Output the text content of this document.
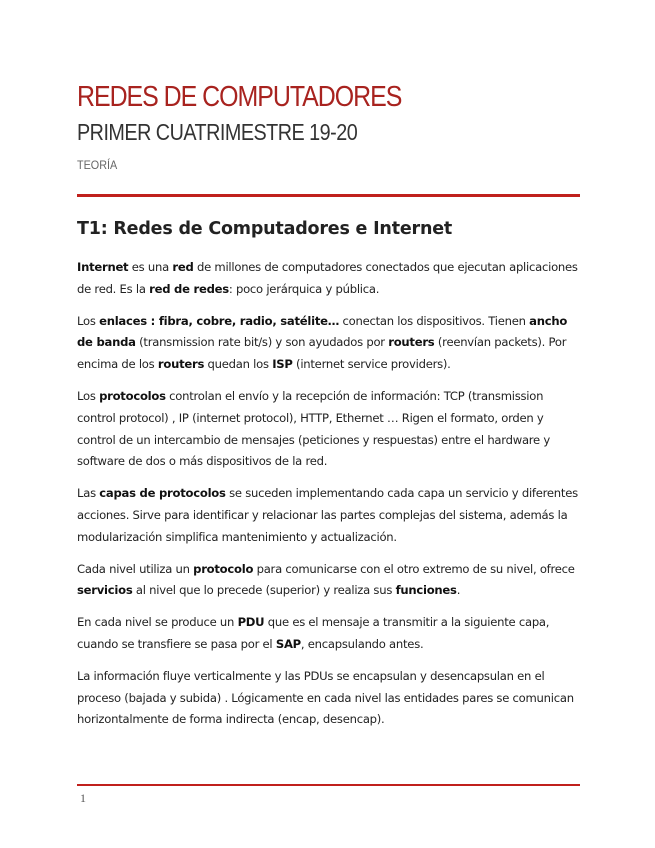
REDES DE COMPUTADORES
PRIMER CUATRIMESTRE 19-20
TEORÍA
T1: Redes de Computadores e Internet

Internet es una red de millones de computadores conectados que ejecutan aplicaciones de red. Es la red de redes: poco jerárquica y pública.

Los enlaces : fibra, cobre, radio, satélite… conectan los dispositivos. Tienen ancho de banda (transmission rate bit/s) y son ayudados por routers (reenvían packets). Por encima de los routers quedan los ISP (internet service providers).

Los protocolos controlan el envío y la recepción de información: TCP (transmission control protocol) , IP (internet protocol), HTTP, Ethernet … Rigen el formato, orden y control de un intercambio de mensajes (peticiones y respuestas) entre el hardware y software de dos o más dispositivos de la red.

Las capas de protocolos se suceden implementando cada capa un servicio y diferentes acciones. Sirve para identificar y relacionar las partes complejas del sistema, además la modularización simplifica mantenimiento y actualización.

Cada nivel utiliza un protocolo para comunicarse con el otro extremo de su nivel, ofrece servicios al nivel que lo precede (superior) y realiza sus funciones.

En cada nivel se produce un PDU que es el mensaje a transmitir a la siguiente capa, cuando se transfiere se pasa por el SAP, encapsulando antes.

La información fluye verticalmente y las PDUs se encapsulan y desencapsulan en el proceso (bajada y subida) . Lógicamente en cada nivel las entidades pares se comunican horizontalmente de forma indirecta (encap, desencap).

1
